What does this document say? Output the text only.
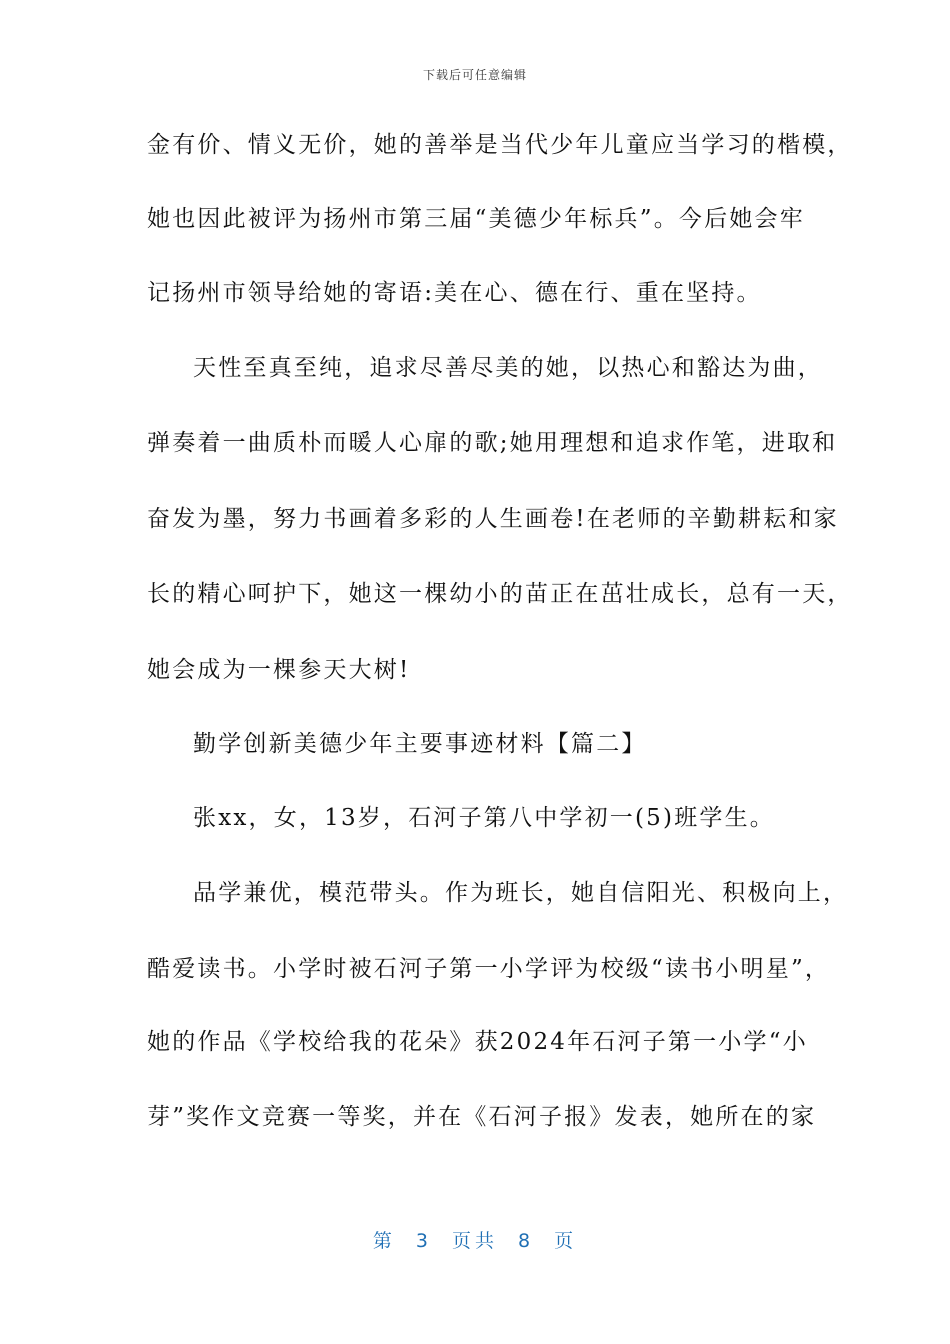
下载后可任意编辑
金有价、情义无价，她的善举是当代少年儿童应当学习的楷模，
她也因此被评为扬州市第三届“美德少年标兵”。今后她会牢
记扬州市领导给她的寄语:美在心、德在行、重在坚持。
天性至真至纯，追求尽善尽美的她，以热心和豁达为曲，
弹奏着一曲质朴而暖人心扉的歌;她用理想和追求作笔，进取和
奋发为墨，努力书画着多彩的人生画卷!在老师的辛勤耕耘和家
长的精心呵护下，她这一棵幼小的苗正在茁壮成长，总有一天，
她会成为一棵参天大树!
勤学创新美德少年主要事迹材料【篇二】
张xx，女，13岁，石河子第八中学初一(5)班学生。
品学兼优，模范带头。作为班长，她自信阳光、积极向上，
酷爱读书。小学时被石河子第一小学评为校级“读书小明星”，
她的作品《学校给我的花朵》获2024年石河子第一小学“小
芽”奖作文竞赛一等奖，并在《石河子报》发表，她所在的家
第 3 页共 8 页
